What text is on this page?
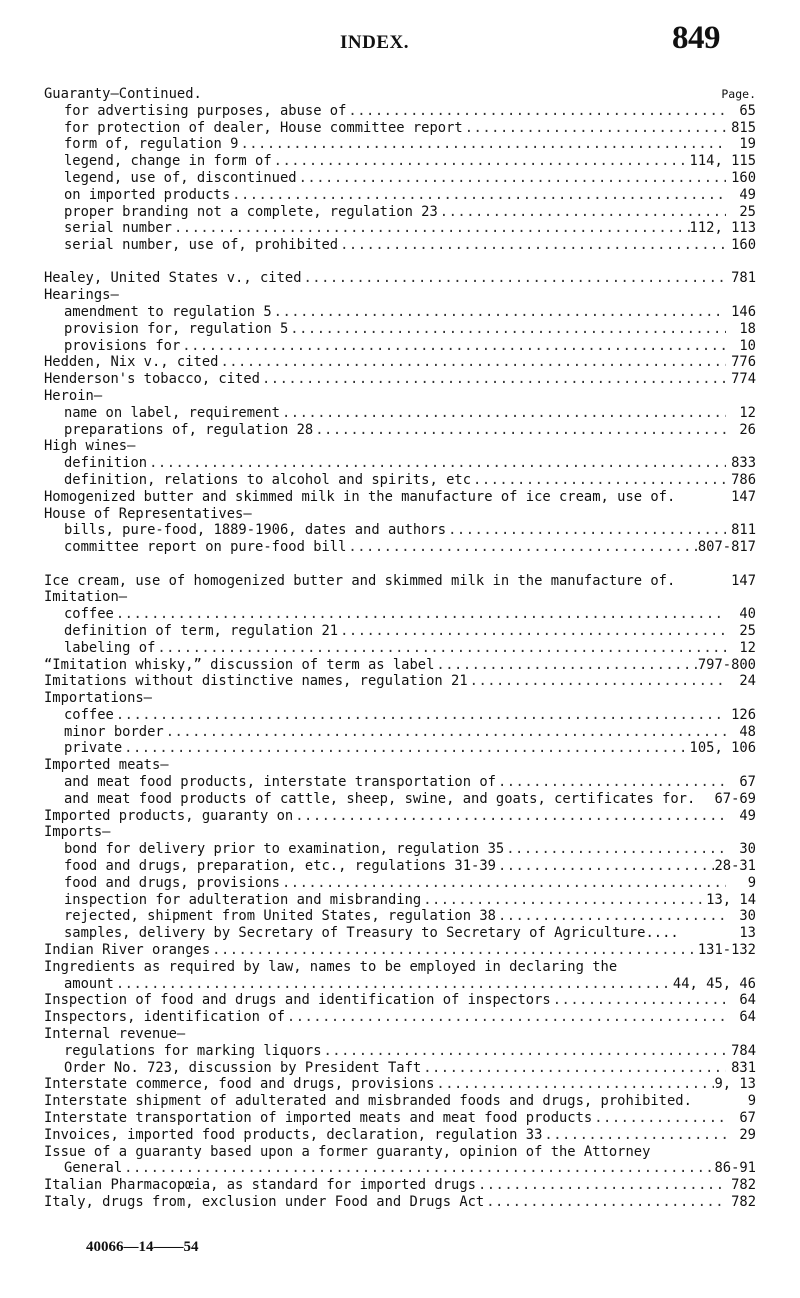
INDEX.	849
Guaranty—Continued.	Page.
for advertising purposes, abuse of .....	65
for protection of dealer, House committee report .....	815
form of, regulation 9 .....	19
legend, change in form of .....	114, 115
legend, use of, discontinued .....	160
on imported products .....	49
proper branding not a complete, regulation 23 .....	25
serial number .....	112, 113
serial number, use of, prohibited .....	160
Healey, United States v., cited .....	781
Hearings—
amendment to regulation 5 .....	146
provision for, regulation 5 .....	18
provisions for .....	10
Hedden, Nix v., cited .....	776
Henderson's tobacco, cited .....	774
Heroin—
name on label, requirement .....	12
preparations of, regulation 28 .....	26
High wines—
definition .....	833
definition, relations to alcohol and spirits, etc .....	786
Homogenized butter and skimmed milk in the manufacture of ice cream, use of.	147
House of Representatives—
bills, pure-food, 1889-1906, dates and authors .....	811
committee report on pure-food bill .....	807-817
Ice cream, use of homogenized butter and skimmed milk in the manufacture of.	147
Imitation—
coffee .....	40
definition of term, regulation 21 .....	25
labeling of .....	12
“Imitation whisky,” discussion of term as label .....	797-800
Imitations without distinctive names, regulation 21 .....	24
Importations—
coffee .....	126
minor border .....	48
private .....	105, 106
Imported meats—
and meat food products, interstate transportation of .....	67
and meat food products of cattle, sheep, swine, and goats, certificates for. 67-69
Imported products, guaranty on .....	49
Imports—
bond for delivery prior to examination, regulation 35 .....	30
food and drugs, preparation, etc., regulations 31-39 .....	28-31
food and drugs, provisions .....	9
inspection for adulteration and misbranding .....	13, 14
rejected, shipment from United States, regulation 38 .....	30
samples, delivery by Secretary of Treasury to Secretary of Agriculture....	13
Indian River oranges .....	131-132
Ingredients as required by law, names to be employed in declaring the
amount .....	44, 45, 46
Inspection of food and drugs and identification of inspectors .....	64
Inspectors, identification of .....	64
Internal revenue—
regulations for marking liquors .....	784
Order No. 723, discussion by President Taft .....	831
Interstate commerce, food and drugs, provisions .....	9, 13
Interstate shipment of adulterated and misbranded foods and drugs, prohibited.	9
Interstate transportation of imported meats and meat food products .....	67
Invoices, imported food products, declaration, regulation 33 .....	29
Issue of a guaranty based upon a former guaranty, opinion of the Attorney
General .....	86-91
Italian Pharmacopœia, as standard for imported drugs .....	782
Italy, drugs from, exclusion under Food and Drugs Act .....	782
40066—14——54
